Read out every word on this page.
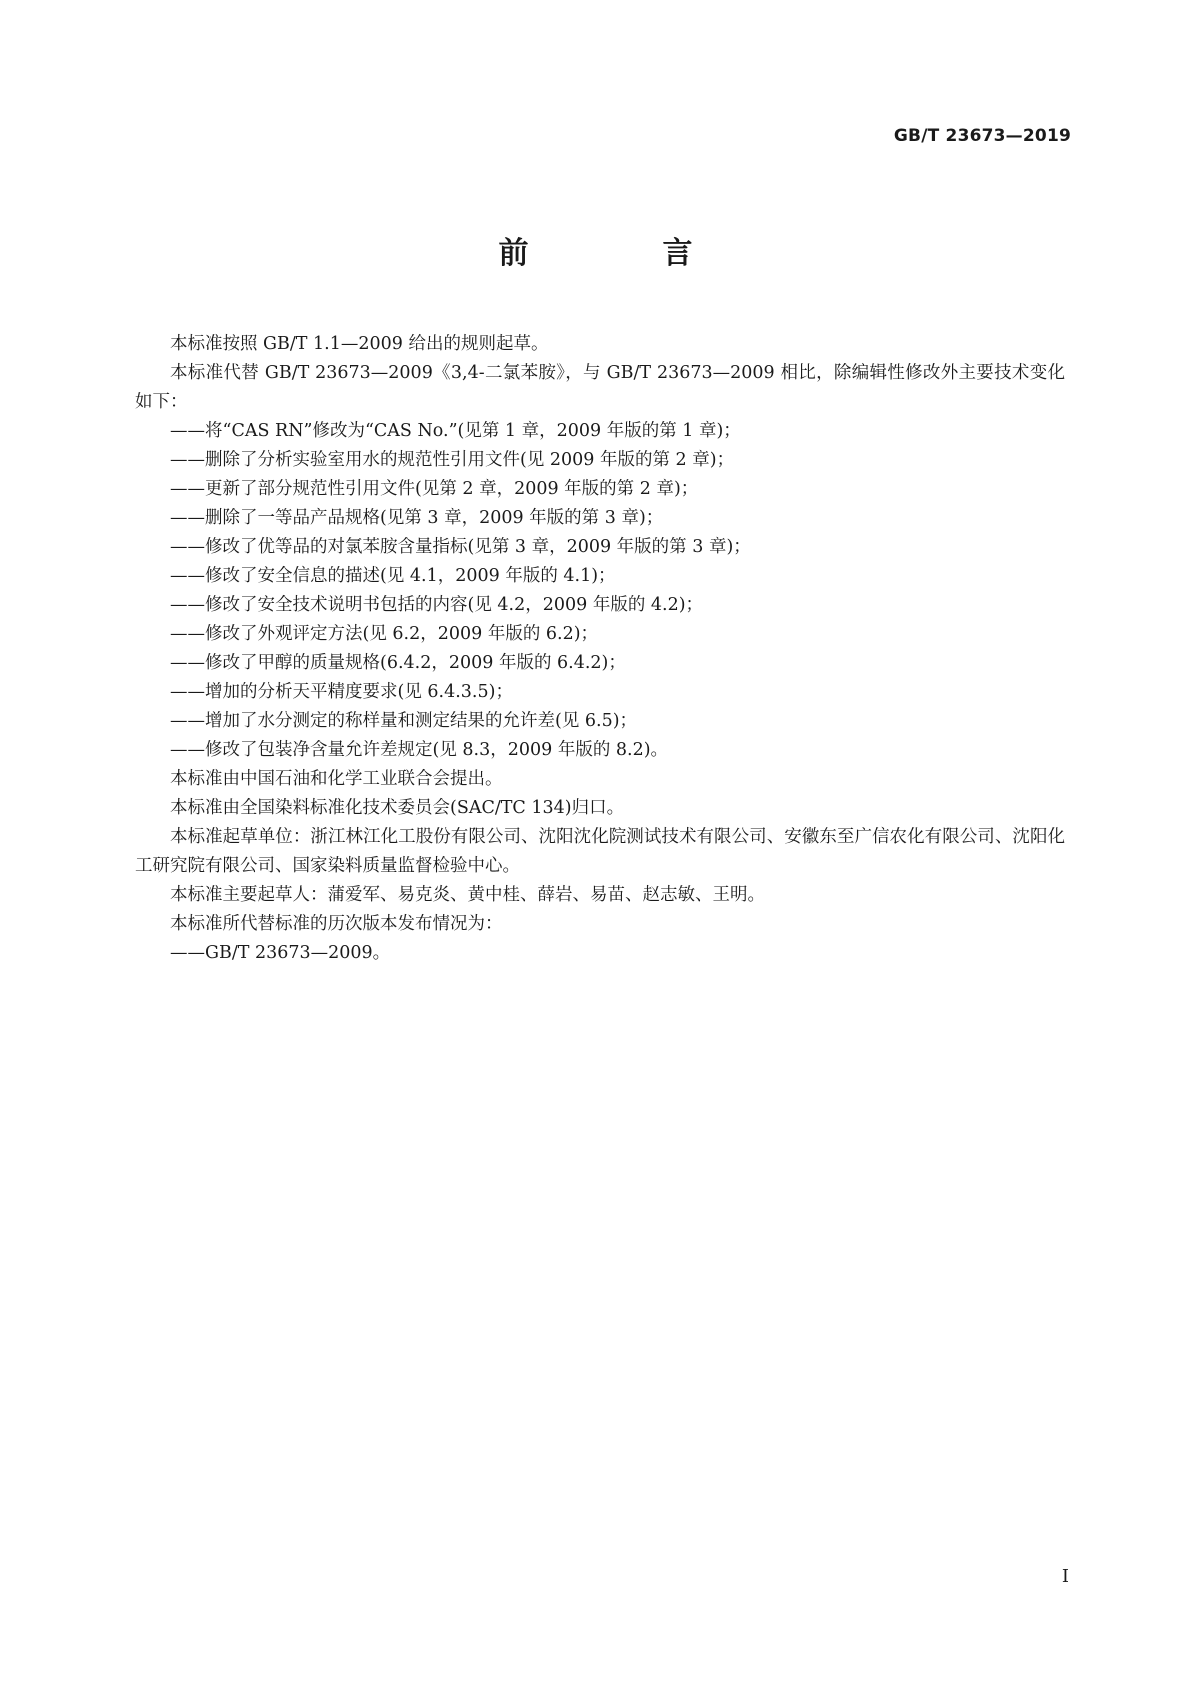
GB/T 23673—2019
前　言

本标准按照 GB/T 1.1—2009 给出的规则起草。

本标准代替 GB/T 23673—2009《3,4-二氯苯胺》，与 GB/T 23673—2009 相比，除编辑性修改外主要技术变化如下：

——将“CAS RN”修改为“CAS No.”(见第 1 章，2009 年版的第 1 章)；

——删除了分析实验室用水的规范性引用文件(见 2009 年版的第 2 章)；

——更新了部分规范性引用文件(见第 2 章，2009 年版的第 2 章)；

——删除了一等品产品规格(见第 3 章，2009 年版的第 3 章)；

——修改了优等品的对氯苯胺含量指标(见第 3 章，2009 年版的第 3 章)；

——修改了安全信息的描述(见 4.1，2009 年版的 4.1)；

——修改了安全技术说明书包括的内容(见 4.2，2009 年版的 4.2)；

——修改了外观评定方法(见 6.2，2009 年版的 6.2)；

——修改了甲醇的质量规格(6.4.2，2009 年版的 6.4.2)；

——增加的分析天平精度要求(见 6.4.3.5)；

——增加了水分测定的称样量和测定结果的允许差(见 6.5)；

——修改了包装净含量允许差规定(见 8.3，2009 年版的 8.2)。

本标准由中国石油和化学工业联合会提出。

本标准由全国染料标准化技术委员会(SAC/TC 134)归口。

本标准起草单位：浙江林江化工股份有限公司、沈阳沈化院测试技术有限公司、安徽东至广信农化有限公司、沈阳化工研究院有限公司、国家染料质量监督检验中心。

本标准主要起草人：蒲爱军、易克炎、黄中桂、薛岩、易苗、赵志敏、王明。

本标准所代替标准的历次版本发布情况为：

——GB/T 23673—2009。

I
